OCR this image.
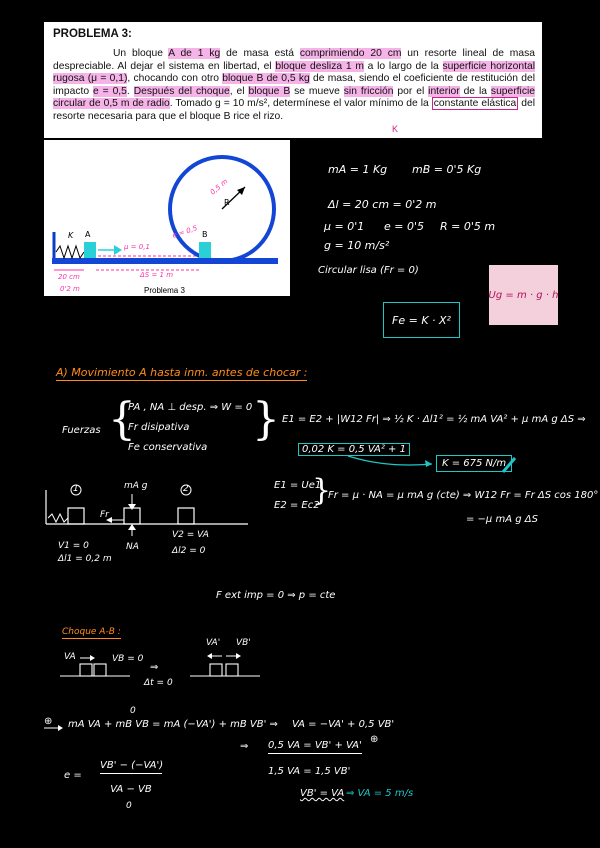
PROBLEMA 3:
Un bloque A de 1 kg de masa está comprimiendo 20 cm un resorte lineal de masa despreciable. Al dejar el sistema en libertad, el bloque desliza 1 m a lo largo de la superficie horizontal rugosa (μ = 0,1), chocando con otro bloque B de 0,5 kg de masa, siendo el coeficiente de restitución del impacto e = 0,5. Después del choque, el bloque B se mueve sin fricción por el interior de la superficie circular de 0,5 m de radio. Tomado g = 10 m/s², determínese el valor mínimo de la constante elástica del resorte necesaria para que el bloque B rice el rizo.
K
K A	B
R
0,5 m
μ = 0,1
e = 0,5
20 cm
0'2 m
ΔS = 1 m
Problema 3
mA = 1 Kg mB = 0'5 Kg
Δl = 20 cm = 0'2 m
μ = 0'1 e = 0'5 R = 0'5 m
g = 10 m/s²
Circular lisa (Fr = 0)
Ug = m · g · h
Fe = K · X²
A) Movimiento A hasta inm. antes de chocar :
Fuerzas {
PA , NA ⊥ desp. ⇒ W = 0
Fr disipativa
Fe conservativa
} E1 = E2 + |W12 Fr| ⇒ ½ K · Δl1² = ½ mA VA² + μ mA g ΔS ⇒
0,02 K = 0,5 VA² + 1
K = 675 N/m
E1 = Ue1
E2 = Ec2
}
Fr = μ · NA = μ mA g (cte) ⇒ W12 Fr = Fr ΔS cos 180°
= −μ mA g ΔS
1	2
mA g
Fr
NA
V1 = 0
Δl1 = 0,2 m
V2 = VA
Δl2 = 0
F ext imp = 0 ⇒ p = cte
Choque A-B :
VA	VB = 0
VA' VB'
⇒
Δt = 0
0
⊕ mA VA + mB VB = mA (−VA') + mB VB' ⇒ VA = −VA' + 0,5 VB'
⇒ 0,5 VA = VB' + VA'
⊕
1,5 VA = 1,5 VB'
e =
VB' − (−VA')
VA − VB
0
VB' = VA ⇒ VA = 5 m/s
